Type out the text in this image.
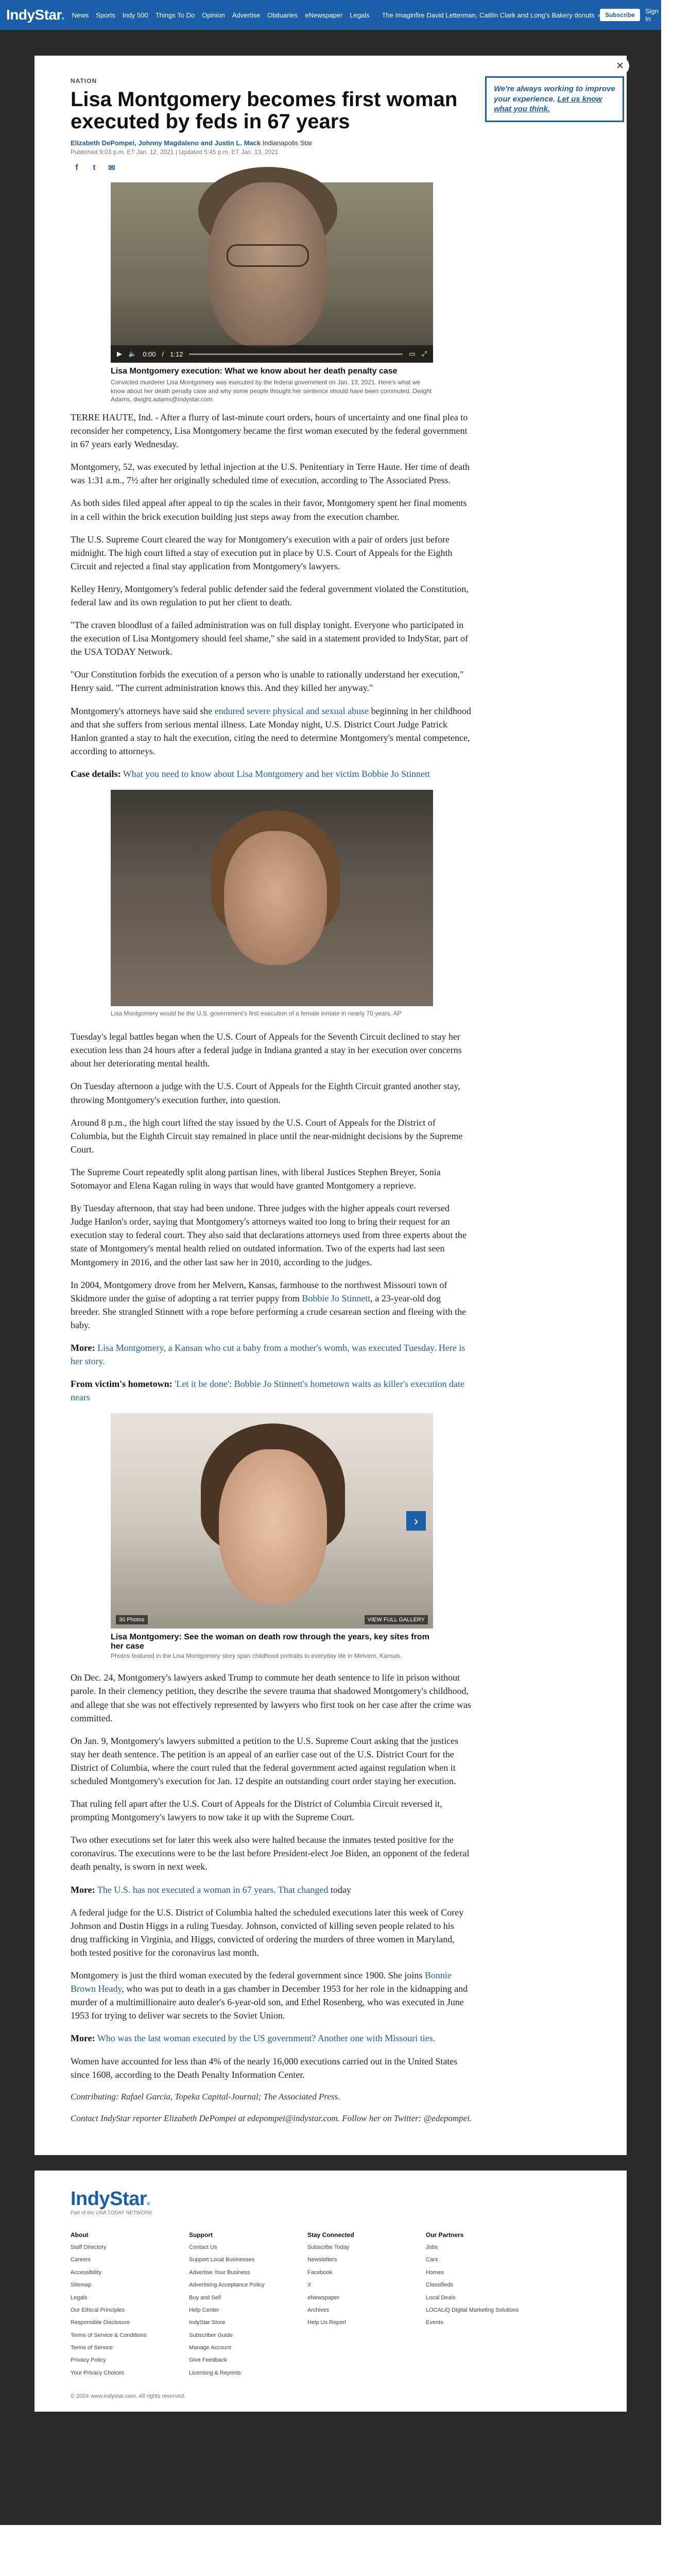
IndyStar. News Sports Indy 500 Things To Do Opinion Advertise Obituaries eNewspaper Legals The Imaginfire David Letterman, Caitlin Clark and Long's Bakery donuts › Subscribe	Sign In
×
We're always working to improve your experience. Let us know what you think.
NATION
Lisa Montgomery becomes first woman executed by feds in 67 years
Elizabeth DePompei, Johnny Magdaleno and Justin L. Mack Indianapolis Star
Published 9:03 p.m. ET Jan. 12, 2021 | Updated 5:45 p.m. ET Jan. 13, 2021
f	t	✉
▶ 🔈 0:00 / 1:12	▭ ⤢
Lisa Montgomery execution: What we know about her death penalty case
Convicted murderer Lisa Montgomery was executed by the federal government on Jan. 13, 2021. Here's what we know about her death penalty case and why some people thought her sentence should have been commuted. Dwight Adams, dwight.adams@indystar.com

TERRE HAUTE, Ind. - After a flurry of last-minute court orders, hours of uncertainty and one final plea to reconsider her competency, Lisa Montgomery became the first woman executed by the federal government in 67 years early Wednesday.

Montgomery, 52, was executed by lethal injection at the U.S. Penitentiary in Terre Haute. Her time of death was 1:31 a.m., 7½ after her originally scheduled time of execution, according to The Associated Press.

As both sides filed appeal after appeal to tip the scales in their favor, Montgomery spent her final moments in a cell within the brick execution building just steps away from the execution chamber.

The U.S. Supreme Court cleared the way for Montgomery's execution with a pair of orders just before midnight. The high court lifted a stay of execution put in place by U.S. Court of Appeals for the Eighth Circuit and rejected a final stay application from Montgomery's lawyers.

Kelley Henry, Montgomery's federal public defender said the federal government violated the Constitution, federal law and its own regulation to put her client to death.

"The craven bloodlust of a failed administration was on full display tonight. Everyone who participated in the execution of Lisa Montgomery should feel shame," she said in a statement provided to IndyStar, part of the USA TODAY Network.

"Our Constitution forbids the execution of a person who is unable to rationally understand her execution," Henry said. "The current administration knows this. And they killed her anyway."

Montgomery's attorneys have said she endured severe physical and sexual abuse beginning in her childhood and that she suffers from serious mental illness. Late Monday night, U.S. District Court Judge Patrick Hanlon granted a stay to halt the execution, citing the need to determine Montgomery's mental competence, according to attorneys.

Case details: What you need to know about Lisa Montgomery and her victim Bobbie Jo Stinnett

Lisa Montgomery would be the U.S. government's first execution of a female inmate in nearly 70 years. AP

Tuesday's legal battles began when the U.S. Court of Appeals for the Seventh Circuit declined to stay her execution less than 24 hours after a federal judge in Indiana granted a stay in her execution over concerns about her deteriorating mental health.

On Tuesday afternoon a judge with the U.S. Court of Appeals for the Eighth Circuit granted another stay, throwing Montgomery's execution further, into question.

Around 8 p.m., the high court lifted the stay issued by the U.S. Court of Appeals for the District of Columbia, but the Eighth Circuit stay remained in place until the near-midnight decisions by the Supreme Court.

The Supreme Court repeatedly split along partisan lines, with liberal Justices Stephen Breyer, Sonia Sotomayor and Elena Kagan ruling in ways that would have granted Montgomery a reprieve.

By Tuesday afternoon, that stay had been undone. Three judges with the higher appeals court reversed Judge Hanlon's order, saying that Montgomery's attorneys waited too long to bring their request for an execution stay to federal court. They also said that declarations attorneys used from three experts about the state of Montgomery's mental health relied on outdated information. Two of the experts had last seen Montgomery in 2016, and the other last saw her in 2010, according to the judges.

In 2004, Montgomery drove from her Melvern, Kansas, farmhouse to the northwest Missouri town of Skidmore under the guise of adopting a rat terrier puppy from Bobbie Jo Stinnett, a 23-year-old dog breeder. She strangled Stinnett with a rope before performing a crude cesarean section and fleeing with the baby.

More: Lisa Montgomery, a Kansan who cut a baby from a mother's womb, was executed Tuesday. Here is her story.

From victim's hometown: 'Let it be done': Bobbie Jo Stinnett's hometown waits as killer's execution date nears

›
30 Photos	VIEW FULL GALLERY
Lisa Montgomery: See the woman on death row through the years, key sites from her case
Photos featured in the Lisa Montgomery story span childhood portraits to everyday life in Melvern, Kansas.

On Dec. 24, Montgomery's lawyers asked Trump to commute her death sentence to life in prison without parole. In their clemency petition, they describe the severe trauma that shadowed Montgomery's childhood, and allege that she was not effectively represented by lawyers who first took on her case after the crime was committed.

On Jan. 9, Montgomery's lawyers submitted a petition to the U.S. Supreme Court asking that the justices stay her death sentence. The petition is an appeal of an earlier case out of the U.S. District Court for the District of Columbia, where the court ruled that the federal government acted against regulation when it scheduled Montgomery's execution for Jan. 12 despite an outstanding court order staying her execution.

That ruling fell apart after the U.S. Court of Appeals for the District of Columbia Circuit reversed it, prompting Montgomery's lawyers to now take it up with the Supreme Court.

Two other executions set for later this week also were halted because the inmates tested positive for the coronavirus. The executions were to be the last before President-elect Joe Biden, an opponent of the federal death penalty, is sworn in next week.

More: The U.S. has not executed a woman in 67 years. That changed today

A federal judge for the U.S. District of Columbia halted the scheduled executions later this week of Corey Johnson and Dustin Higgs in a ruling Tuesday. Johnson, convicted of killing seven people related to his drug trafficking in Virginia, and Higgs, convicted of ordering the murders of three women in Maryland, both tested positive for the coronavirus last month.

Montgomery is just the third woman executed by the federal government since 1900. She joins Bonnie Brown Heady, who was put to death in a gas chamber in December 1953 for her role in the kidnapping and murder of a multimillionaire auto dealer's 6-year-old son, and Ethel Rosenberg, who was executed in June 1953 for trying to deliver war secrets to the Soviet Union.

More: Who was the last woman executed by the US government? Another one with Missouri ties.

Women have accounted for less than 4% of the nearly 16,000 executions carried out in the United States since 1608, according to the Death Penalty Information Center.

Contributing: Rafael Garcia, Topeka Capital-Journal; The Associated Press.
Contact IndyStar reporter Elizabeth DePompei at edepompei@indystar.com. Follow her on Twitter: @edepompei.
IndyStar.
Part of the USA TODAY NETWORK
About
Staff Directory
Careers
Accessibility
Sitemap
Legals
Our Ethical Principles
Responsible Disclosure
Terms of Service & Conditions
Terms of Service
Privacy Policy
Your Privacy Choices
Support
Contact Us
Support Local Businesses
Advertise Your Business
Advertising Acceptance Policy
Buy and Sell
Help Center
IndyStar Store
Subscriber Guide
Manage Account
Give Feedback
Licensing & Reprints
Stay Connected
Subscribe Today
Newsletters
Facebook
X
eNewspaper
Archives
Help Us Report
Our Partners
Jobs
Cars
Homes
Classifieds
Local Deals
LOCALiQ Digital Marketing Solutions
Events
© 2024 www.indystar.com. All rights reserved.
